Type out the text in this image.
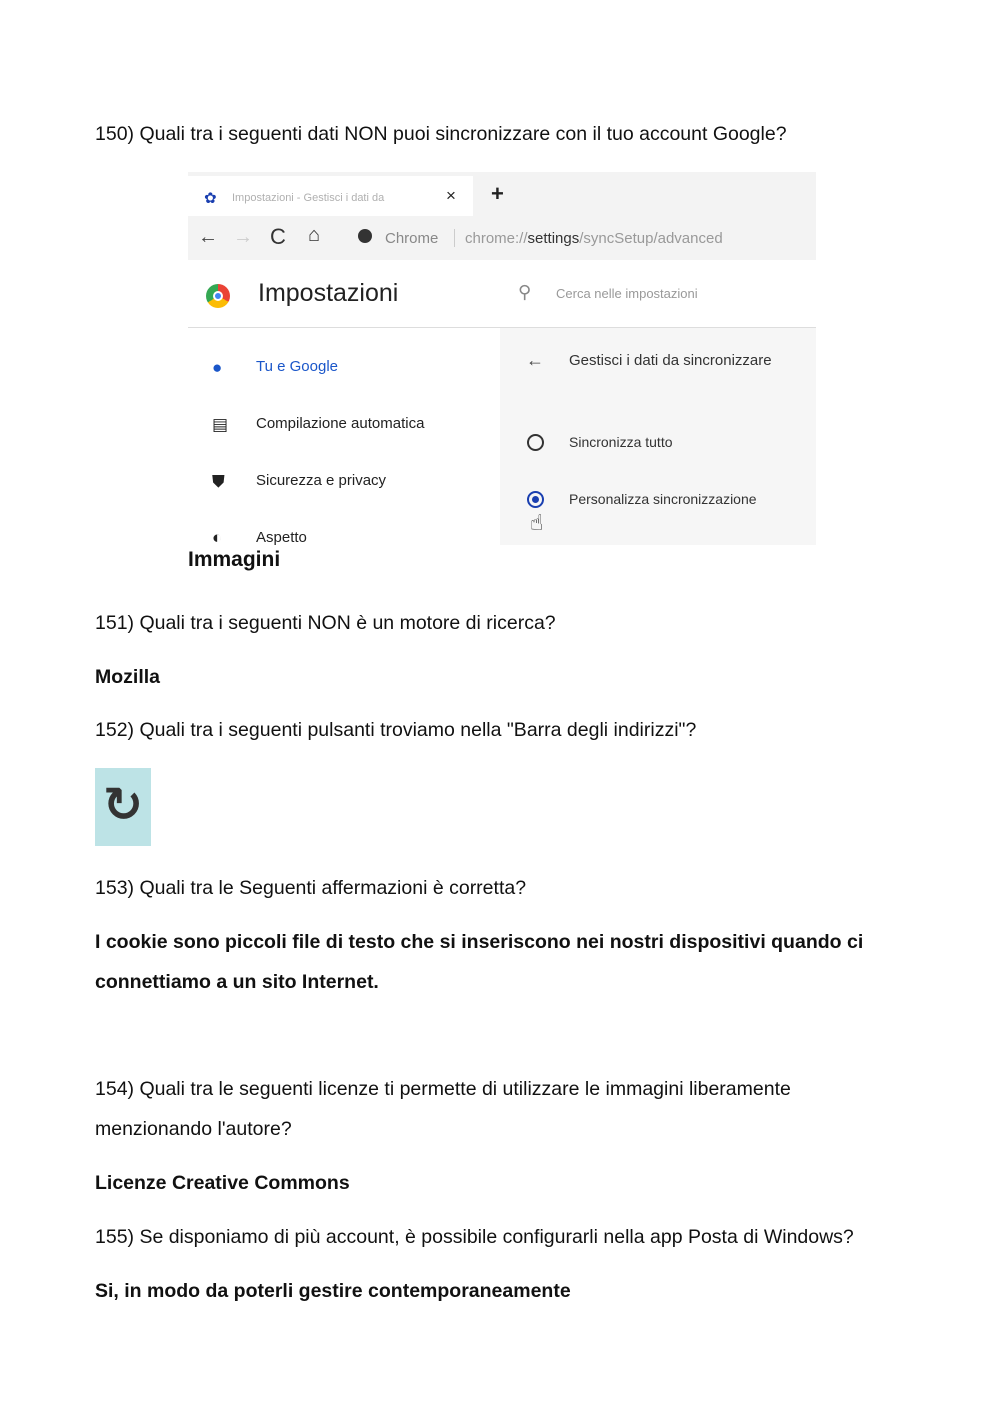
150) Quali tra i seguenti dati NON puoi sincronizzare con il tuo account Google?
✿ Impostazioni - Gestisci i dati da	× +
← → C ⌂	Chrome chrome://settings/syncSetup/advanced
Impostazioni	⚲ Cerca nelle impostazioni
● Tu e Google
▤ Compilazione automatica
⛊ Sicurezza e privacy
◐ Aspetto
← Gestisci i dati da sincronizzare
Sincronizza tutto
Personalizza sincronizzazione
☝
Immagini
151) Quali tra i seguenti NON è un motore di ricerca?
Mozilla
152) Quali tra i seguenti pulsanti troviamo nella "Barra degli indirizzi"?
↻
153) Quali tra le Seguenti affermazioni è corretta?
I cookie sono piccoli file di testo che si inseriscono nei nostri dispositivi quando ci connettiamo a un sito Internet.
154) Quali tra le seguenti licenze ti permette di utilizzare le immagini liberamente menzionando l'autore?
Licenze Creative Commons
155) Se disponiamo di più account, è possibile configurarli nella app Posta di Windows?
Si, in modo da poterli gestire contemporaneamente
